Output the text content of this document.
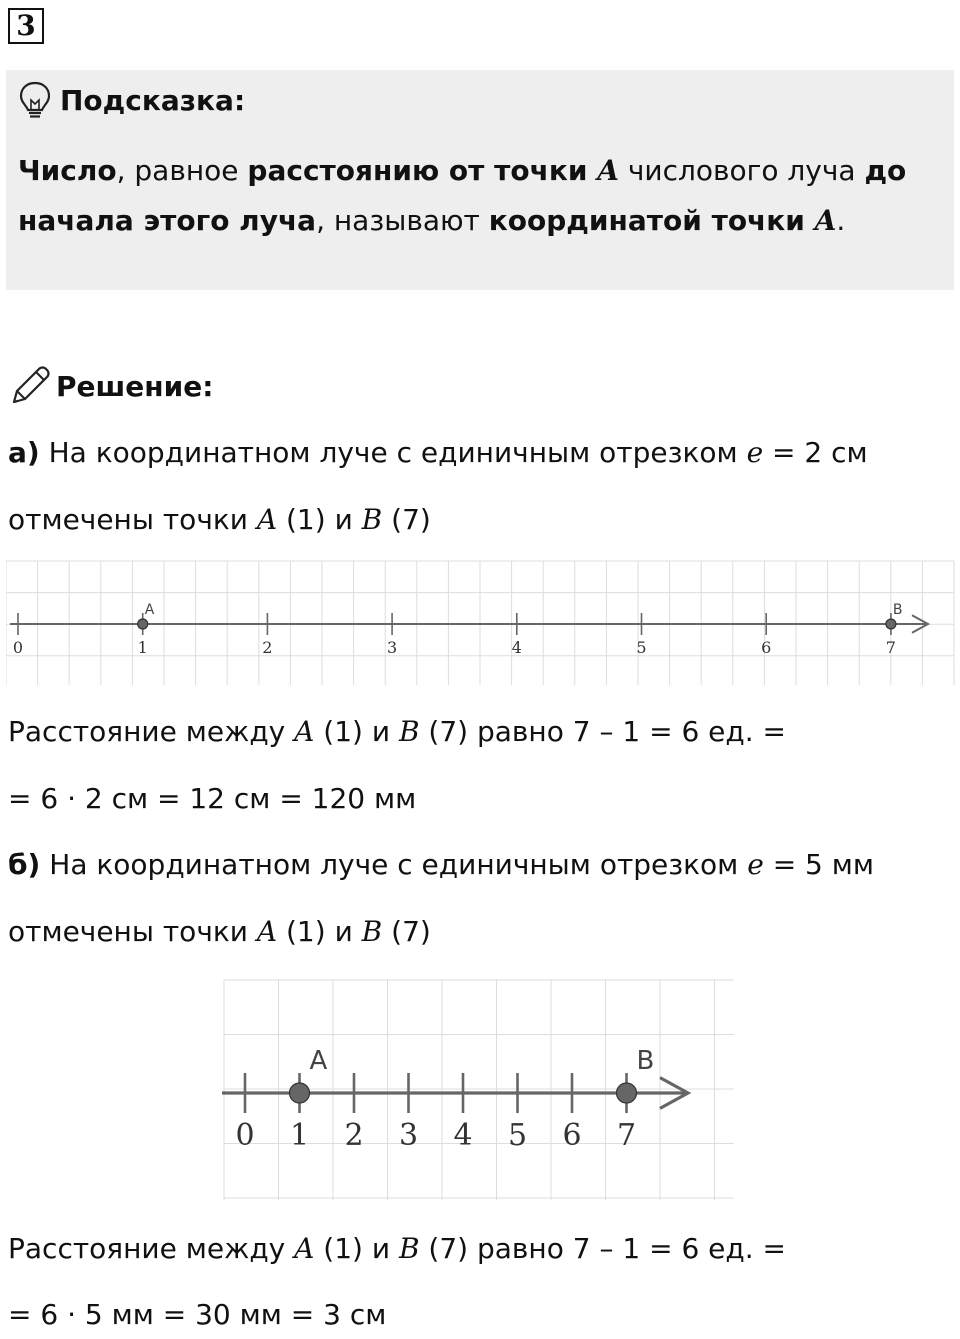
3
Подсказка:
Число, равное расстоянию от точки A числового луча до
начала этого луча, называют координатой точки A.
Решение:
а) На координатном луче с единичным отрезком e = 2 см
отмечены точки A (1) и B (7)
0	1	2	3	4	5	6	7
A	B
Расстояние между A (1) и B (7) равно 7 – 1 = 6 ед. =
= 6 · 2 см = 12 см = 120 мм
б) На координатном луче с единичным отрезком e = 5 мм
отмечены точки A (1) и B (7)
0 1 2 3 4 5 6 7
A	B
Расстояние между A (1) и B (7) равно 7 – 1 = 6 ед. =
= 6 · 5 мм = 30 мм = 3 см
